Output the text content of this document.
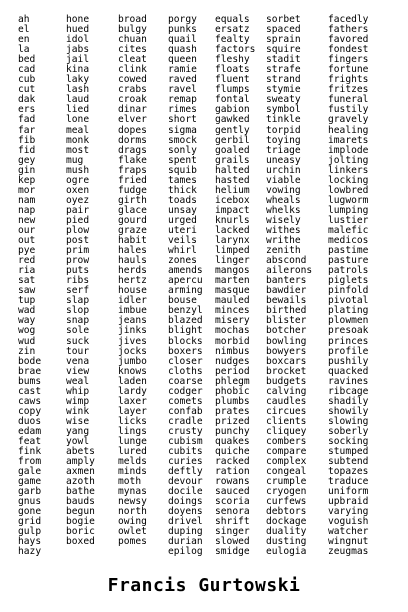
ah
el
en
la
bed
cad
cub
cut
dak
ers
fad
far
fib
fid
gey
gin
kep
mor
nam
nap
new
our
out
pye
red
ria
sat
saw
tup
wad
way
wog
wud
zin
bode
brae
bums
cast
caws
copy
duos
edam
feat
fink
from
gale
game
garb
gnus
gone
grid
gulp
hays
hazy
hone
hued
idol
jabs
jail
kina
laky
lash
laud
lied
lone
meal
monk
most
mug
mush
ogre
oxen
oyez
pair
pied
plow
post
prim
prow
puts
ribs
serf
slap
slop
snap
sole
suck
tour
vena
view
weal
whip
wimp
wink
wise
yang
yowl
abets
amply
axmen
azoth
bathe
bauds
begun
bogie
boric
boxed
broad
bulgy
chuan
cites
cleat
clink
cowed
crabs
croak
dinar
elver
dopes
dorms
drags
flake
fraps
fried
fudge
girth
glace
gourd
graze
habit
hales
hauls
herds
hertz
house
idler
imbue
jeans
jinks
jives
jocks
jumbo
knows
laden
lardy
laxer
layer
licks
lings
lunge
lured
melds
minds
moth
mynas
newsy
north
owing
owlet
pomes
porgy
punks
quail
quash
queen
ramie
raved
ravel
remap
rimes
short
sigma
smock
sonly
spent
squib
tames
thick
toads
unsay
urged
uteri
veils
whirl
zones
amends
apercu
arming
bouse
benzyl
blazed
blight
blocks
boxers
closer
cloths
coarse
codger
comets
confab
cradle
crusty
cubism
cubits
curies
deftly
devour
docile
doings
doyens
drivel
duping
durian
epilog
equals
ersatz
fealty
factors
fleshy
floats
fluent
flumps
fontal
gabion
gawked
gently
gerbil
goaled
grails
halted
hasted
helium
icebox
impact
knurls
lacked
larynx
limped
linger
mangos
marten
masque
mauled
minces
misery
mochas
morbid
nimbus
nudges
period
phlegm
phobic
plumbs
prates
prized
punchy
quakes
quiche
racked
ration
rowans
sauced
scoria
senora
shrift
singer
slowed
smidge
sorbet
spaced
sprain
squire
stadit
strafe
strand
stymie
sweaty
symbol
tinkle
torpid
toying
triage
uneasy
urchin
viable
vowing
wheals
whelks
wisely
withes
writhe
zenith
abscond
ailerons
banters
bawdier
bewails
birthed
blister
botcher
bowling
bowyers
boxcars
brocket
budgets
calving
caudles
circues
clients
cliquey
combers
compare
complex
congeal
crumple
cryogen
curfews
debtors
dockage
duality
dusting
eulogia
facedly
fathers
favored
fondest
fingers
fortune
frights
fritzes
funeral
fustily
gravely
healing
imarets
implode
jolting
linkers
locking
lowbred
lugworm
lumping
lustier
malefic
medicos
pastime
pasture
patrols
piglets
pinfold
pivotal
plating
plowmen
presoak
princes
profile
pushily
quacked
ravines
ribcage
shadily
showily
slowing
soberly
socking
stumped
subtend
topazes
traduce
uniform
upbraid
varying
voguish
watcher
wingnut
zeugmas
Francis Gurtowski
